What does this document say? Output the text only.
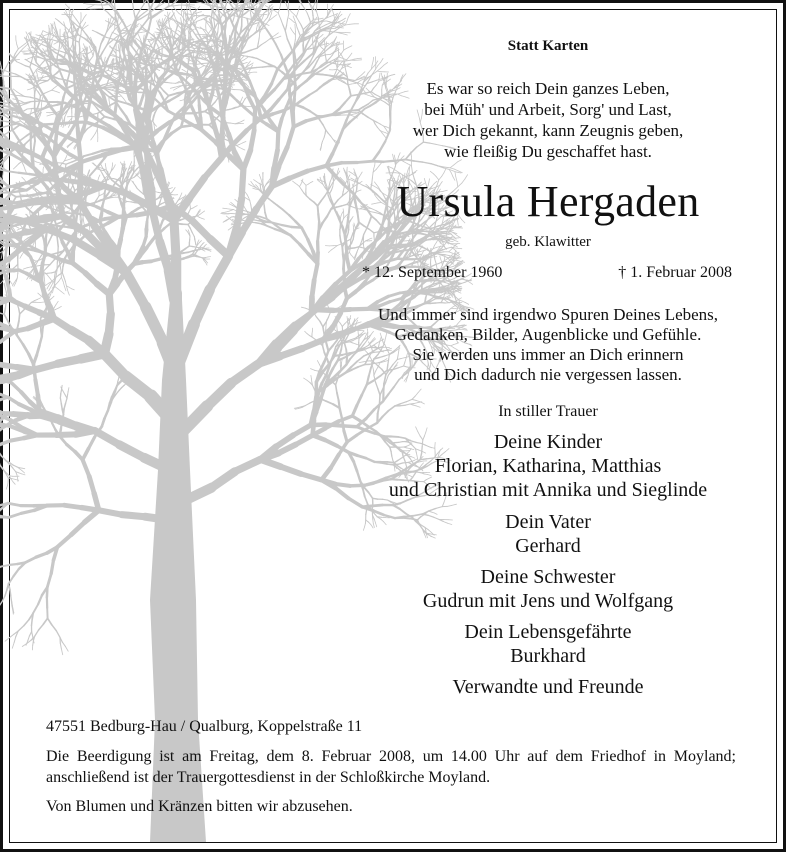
Statt Karten
Es war so reich Dein ganzes Leben,
bei Müh' und Arbeit, Sorg' und Last,
wer Dich gekannt, kann Zeugnis geben,
wie fleißig Du geschaffet hast.
Ursula Hergaden
geb. Klawitter
* 12. September 1960	† 1. Februar 2008
Und immer sind irgendwo Spuren Deines Lebens,
Gedanken, Bilder, Augenblicke und Gefühle.
Sie werden uns immer an Dich erinnern
und Dich dadurch nie vergessen lassen.
In stiller Trauer
Deine Kinder
Florian, Katharina, Matthias
und Christian mit Annika und Sieglinde
Dein Vater
Gerhard
Deine Schwester
Gudrun mit Jens und Wolfgang
Dein Lebensgefährte
Burkhard
Verwandte und Freunde
47551 Bedburg-Hau / Qualburg, Koppelstraße 11
Die Beerdigung ist am Freitag, dem 8. Februar 2008, um 14.00 Uhr auf dem Friedhof in Moyland; anschließend ist der Trauergottesdienst in der Schloßkirche Moyland.
Von Blumen und Kränzen bitten wir abzusehen.
